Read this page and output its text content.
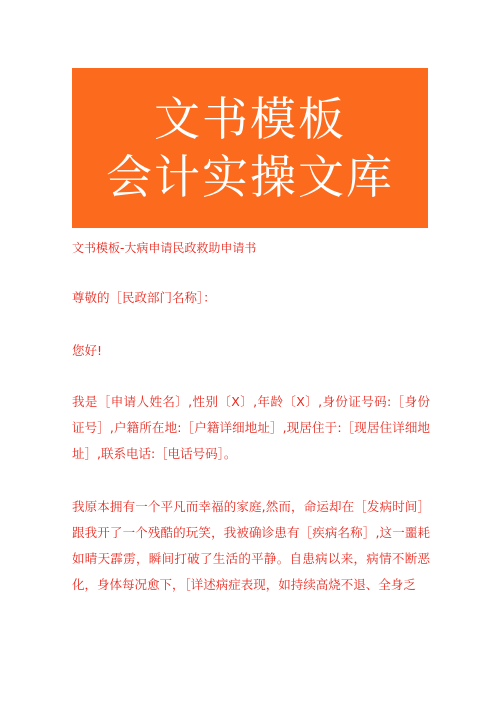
文书模板
会计实操文库
文书模板-大病申请民政救助申请书
尊敬的［民政部门名称］：
您好!
我是［申请人姓名〕,性别〔X〕,年龄〔X〕,身份证号码:［身份证号］,户籍所在地:［户籍详细地址］,现居住于:［现居住详细地址］,联系电话:［电话号码］。
我原本拥有一个平凡而幸福的家庭,然而，命运却在［发病时间］跟我开了一个残酷的玩笑，我被确诊患有［疾病名称］,这一噩耗如晴天霹雳，瞬间打破了生活的平静。自患病以来，病情不断恶化，身体每况愈下，［详述病症表现，如持续高烧不退、全身乏
